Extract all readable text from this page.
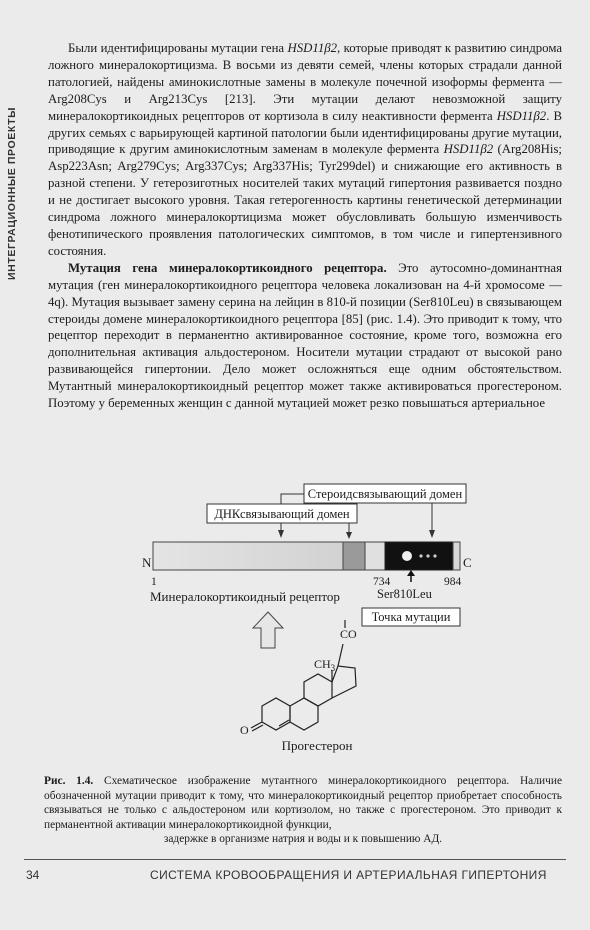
ИНТЕГРАЦИОННЫЕ ПРОЕКТЫ

Были идентифицированы мутации гена HSD11β2, которые приводят к развитию синдрома ложного минералокортицизма. В восьми из девяти семей, члены которых страдали данной патологией, найдены аминокислотные замены в молекуле почечной изоформы фермента — Arg208Cys и Arg213Cys [213]. Эти мутации делают невозможной защиту минералокортикоидных рецепторов от кортизола в силу неактивности фермента HSD11β2. В других семьях с варьирующей картиной патологии были идентифицированы другие мутации, приводящие к другим аминокислотным заменам в молекуле фермента HSD11β2 (Arg208His; Asp223Asn; Arg279Cys; Arg337Cys; Arg337His; Tyr299del) и снижающие его активность в разной степени. У гетерозиготных носителей таких мутаций гипертония развивается поздно и не достигает высокого уровня. Такая гетерогенность картины генетической детерминации синдрома ложного минералокортицизма может обусловливать большую изменчивость фенотипического проявления патологических симптомов, в том числе и гипертензивного состояния.

Мутация гена минералокортикоидного рецептора. Это аутосомно-доминантная мутация (ген минералокортикоидного рецептора человека локализован на 4-й хромосоме — 4q). Мутация вызывает замену серина на лейцин в 810-й позиции (Ser810Leu) в связывающем стероиды домене минералокортикоидного рецептора [85] (рис. 1.4). Это приводит к тому, что рецептор переходит в перманентно активированное состояние, кроме того, возможна его дополнительная активация альдостероном. Носители мутации страдают от высокой рано развивающейся гипертонии. Дело может осложняться еще одним обстоятельством. Мутантный минералокортикоидный рецептор может также активироваться прогестероном. Поэтому у беременных женщин с данной мутацией может резко повышаться артериальное

Стероидсвязывающий домен
ДНКсвязывающий домен
N	C
1	734	984
Ser810Leu
Минералокортикоидный рецептор
Точка мутации
CO
$CH_3$
O
Прогестерон
Рис. 1.4. Схематическое изображение мутантного минералокортикоидного рецептора. Наличие обозначенной мутации приводит к тому, что минералокортикоидный рецептор приобретает способность связываться не только с альдостероном или кортизолом, но также с прогестероном. Это приводит к перманентной активации минералокортикоидной функции,
задержке в организме натрия и воды и к повышению АД.
34	СИСТЕМА КРОВООБРАЩЕНИЯ И АРТЕРИАЛЬНАЯ ГИПЕРТОНИЯ
